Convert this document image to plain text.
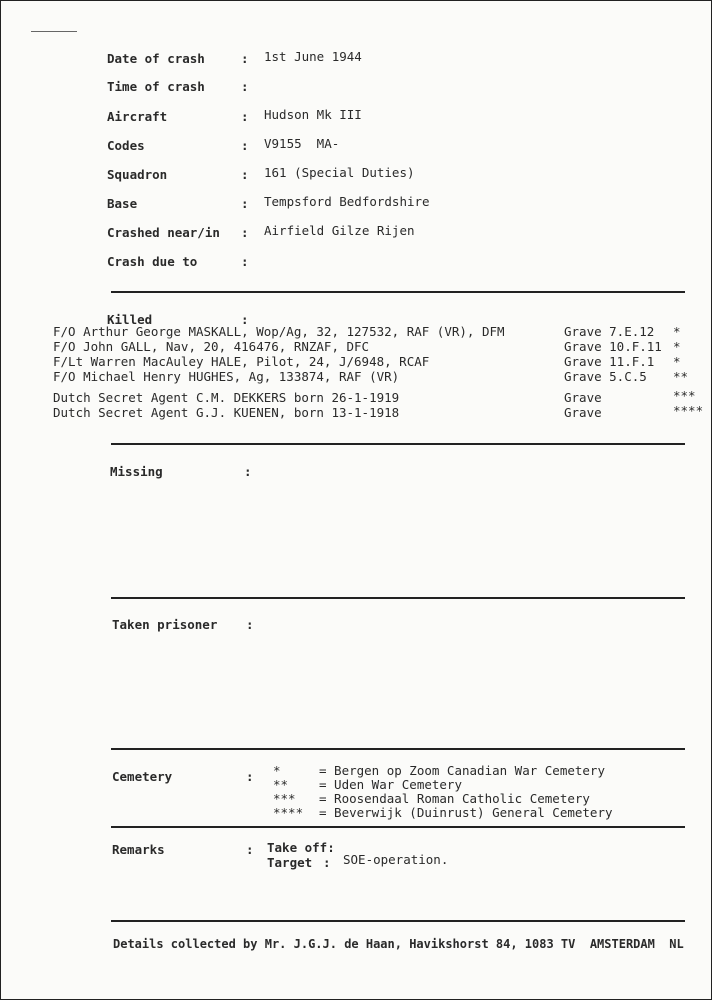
Date of crash	: 1st June 1944
Time of crash	:
Aircraft	: Hudson Mk III
Codes	: V9155  MA-
Squadron	: 161 (Special Duties)
Base	: Tempsford Bedfordshire
Crashed near/in : Airfield Gilze Rijen
Crash due to	:
Killed	:
F/O Arthur George MASKALL, Wop/Ag, 32, 127532, RAF (VR), DFM	Grave 7.E.12 *
F/O John GALL, Nav, 20, 416476, RNZAF, DFC	Grave 10.F.11 *
F/Lt Warren MacAuley HALE, Pilot, 24, J/6948, RCAF	Grave 11.F.1 *
F/O Michael Henry HUGHES, Ag, 133874, RAF (VR)	Grave 5.C.5 **
Dutch Secret Agent C.M. DEKKERS born 26-1-1919	Grave	***
Dutch Secret Agent G.J. KUENEN, born 13-1-1918	Grave	****
Missing	:
Taken prisoner :
Cemetery	: *	= Bergen op Zoom Canadian War Cemetery
** = Uden War Cemetery
*** = Roosendaal Roman Catholic Cemetery
**** = Beverwijk (Duinrust) General Cemetery
Remarks	: Take off:
Target : SOE-operation.
Details collected by Mr. J.G.J. de Haan, Havikshorst 84, 1083 TV  AMSTERDAM  NL
